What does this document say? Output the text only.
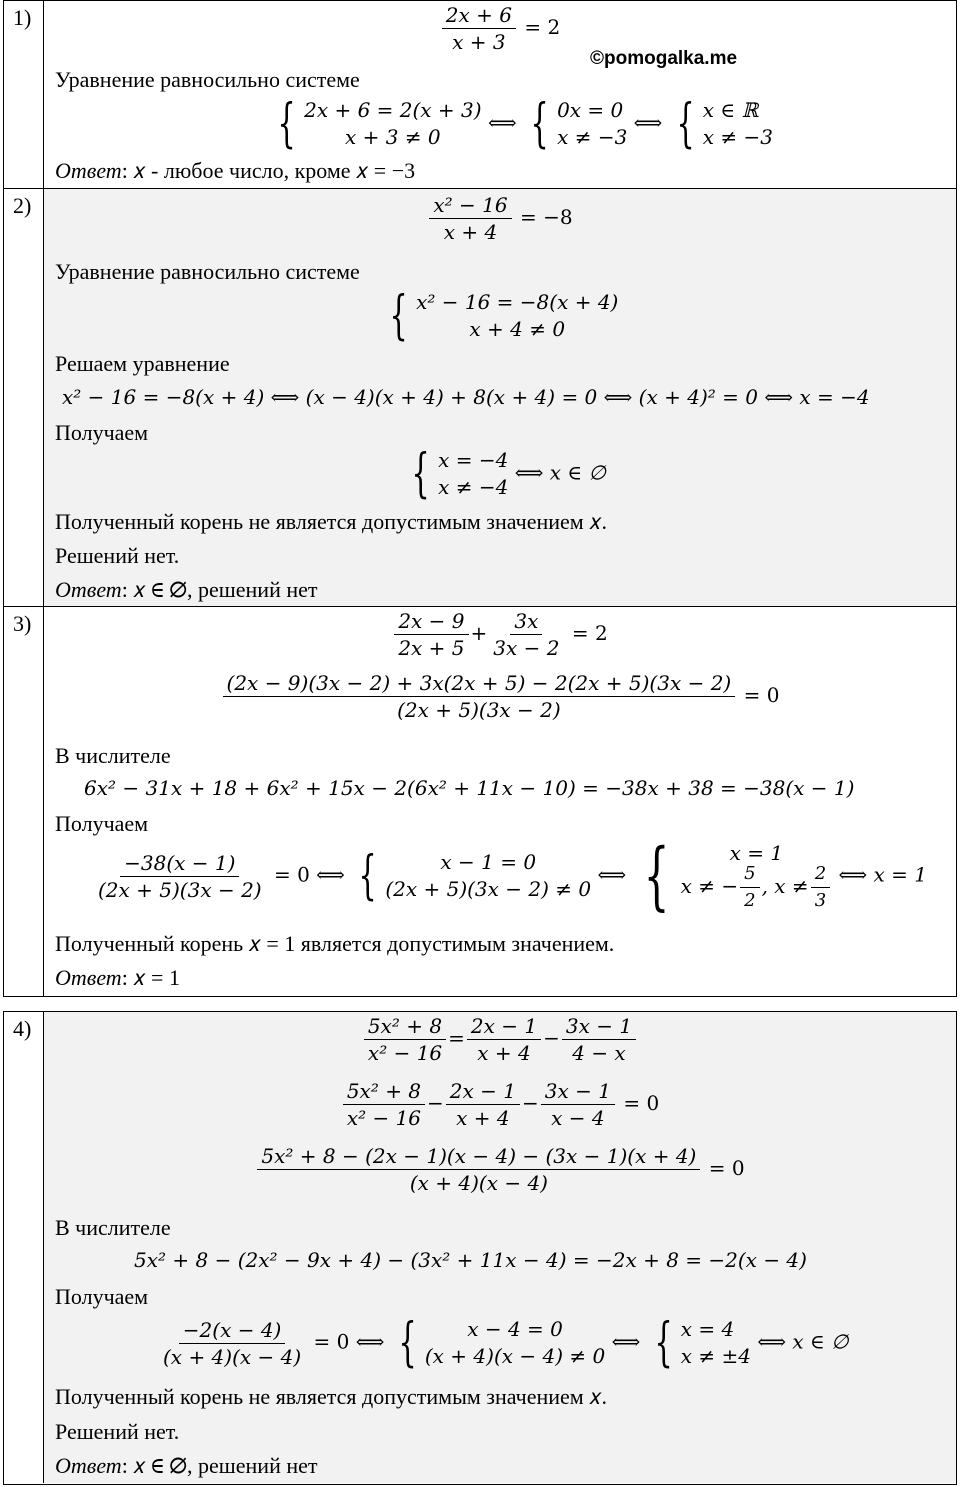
1)	$\frac{\text{2𝑥 + 6}}{\text{𝑥 + 3}} = 2$
©pomogalka.me
Уравнение равносильно системе
{ 2𝑥 + 6 = 2(𝑥 + 3)
𝑥 + 3 ≠ 0
⟺ { 0𝑥 = 0
𝑥 ≠ −3
⟺ { 𝑥 ∈ ℝ
𝑥 ≠ −3
Ответ: 𝑥 - любое число, кроме 𝑥 = −3
2)	$\frac{\text{𝑥² − 16}}{\text{𝑥 + 4}} = -8$
Уравнение равносильно системе
{ 𝑥² − 16 = −8(𝑥 + 4)
𝑥 + 4 ≠ 0
Решаем уравнение
𝑥² − 16 = −8(𝑥 + 4) ⟺ (𝑥 − 4)(𝑥 + 4) + 8(𝑥 + 4) = 0 ⟺ (𝑥 + 4)² = 0 ⟺ 𝑥 = −4
Получаем
{ 𝑥 = −4
𝑥 ≠ −4
⟺ 𝑥 ∈ ∅
Полученный корень не является допустимым значением 𝑥.
Решений нет.
Ответ: 𝑥 ∈ ∅, решений нет
3)	$\frac{\text{2𝑥 − 9}}{\text{2𝑥 + 5}} + \frac{\text{3𝑥}}{\text{3𝑥 − 2}} = 2$
$\frac{\text{(2𝑥 − 9)(3𝑥 − 2) + 3𝑥(2𝑥 + 5) − 2(2𝑥 + 5)(3𝑥 − 2)}}{\text{(2𝑥 + 5)(3𝑥 − 2)}} = 0$
В числителе
6𝑥² − 31𝑥 + 18 + 6𝑥² + 15𝑥 − 2(6𝑥² + 11𝑥 − 10) = −38𝑥 + 38 = −38(𝑥 − 1)
Получаем
$\frac{\text{−38(𝑥 − 1)}}{\text{(2𝑥 + 5)(3𝑥 − 2)}} = 0$ ⟺ {	𝑥 − 1 = 0
(2𝑥 + 5)(3𝑥 − 2) ≠ 0
⟺ {	𝑥 = 1
𝑥 ≠ − $\frac{5}{2}$ , 𝑥 ≠ $\frac{2}{3}$ ⟺ 𝑥 = 1
Полученный корень 𝑥 = 1 является допустимым значением.
Ответ: 𝑥 = 1
4)	$\frac{\text{5𝑥² + 8}}{\text{𝑥² − 16}} = \frac{\text{2𝑥 − 1}}{\text{𝑥 + 4}} - \frac{\text{3𝑥 − 1}}{\text{4 − 𝑥}}$
$\frac{\text{5𝑥² + 8}}{\text{𝑥² − 16}} - \frac{\text{2𝑥 − 1}}{\text{𝑥 + 4}} - \frac{\text{3𝑥 − 1}}{\text{𝑥 − 4}} = 0$
$\frac{\text{5𝑥² + 8 − (2𝑥 − 1)(𝑥 − 4) − (3𝑥 − 1)(𝑥 + 4)}}{\text{(𝑥 + 4)(𝑥 − 4)}} = 0$
В числителе
5𝑥² + 8 − (2𝑥² − 9𝑥 + 4) − (3𝑥² + 11𝑥 − 4) = −2𝑥 + 8 = −2(𝑥 − 4)
Получаем
$\frac{\text{−2(𝑥 − 4)}}{\text{(𝑥 + 4)(𝑥 − 4)}} = 0$ ⟺ {	𝑥 − 4 = 0
(𝑥 + 4)(𝑥 − 4) ≠ 0
⟺ { 𝑥 = 4
𝑥 ≠ ±4
⟺ 𝑥 ∈ ∅
Полученный корень не является допустимым значением 𝑥.
Решений нет.
Ответ: 𝑥 ∈ ∅, решений нет
